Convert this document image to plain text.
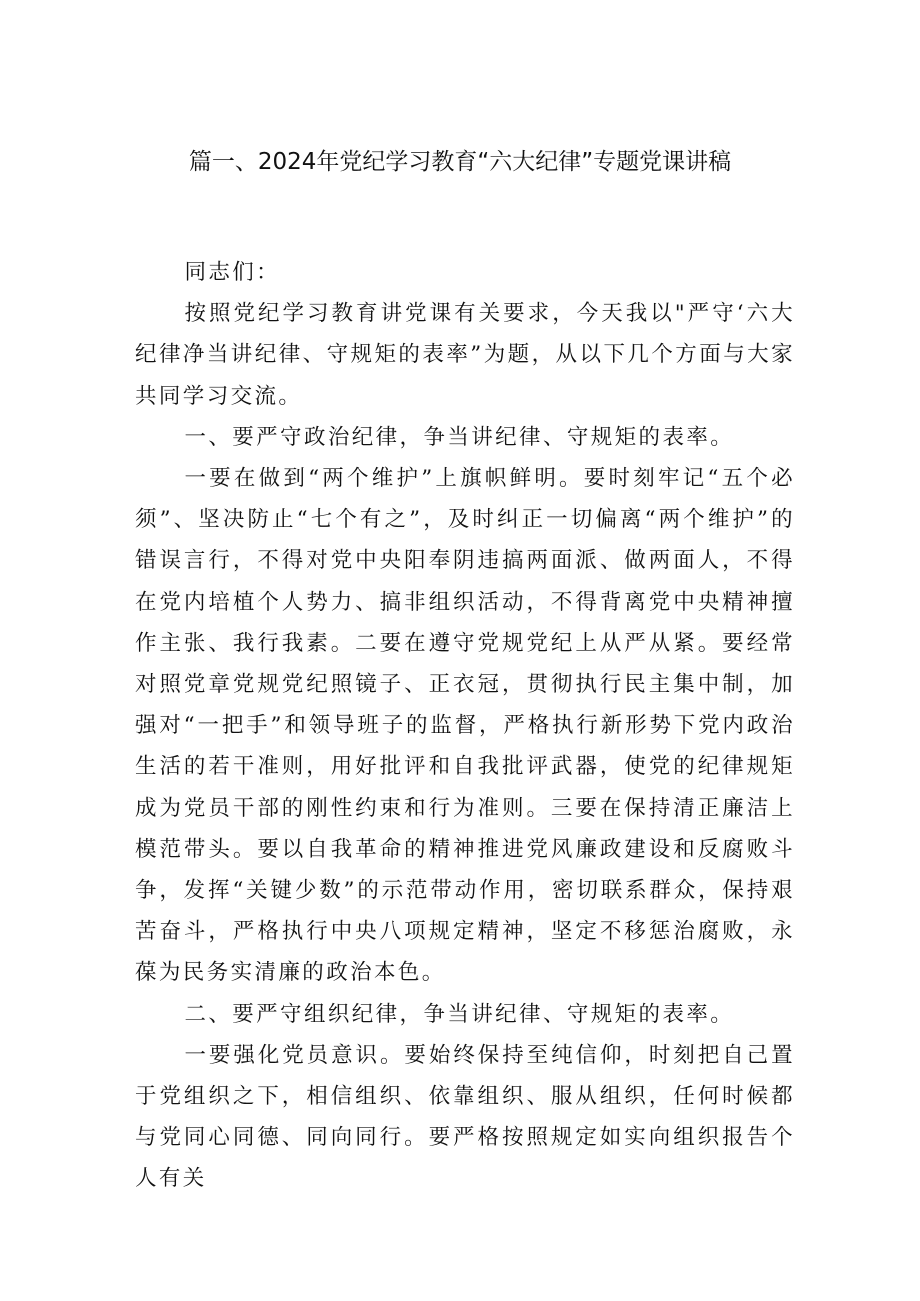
篇一、2024年党纪学习教育“六大纪律”专题党课讲稿

同志们：

按照党纪学习教育讲党课有关要求，今天我以"严守‘六大纪律净当讲纪律、守规矩的表率”为题，从以下几个方面与大家共同学习交流。

一、要严守政治纪律，争当讲纪律、守规矩的表率。

一要在做到“两个维护”上旗帜鲜明。要时刻牢记“五个必须”、坚决防止“七个有之”，及时纠正一切偏离“两个维护”的错误言行，不得对党中央阳奉阴违搞两面派、做两面人，不得在党内培植个人势力、搞非组织活动，不得背离党中央精神擅作主张、我行我素。二要在遵守党规党纪上从严从紧。要经常对照党章党规党纪照镜子、正衣冠，贯彻执行民主集中制，加强对“一把手”和领导班子的监督，严格执行新形势下党内政治生活的若干准则，用好批评和自我批评武器，使党的纪律规矩成为党员干部的刚性约束和行为准则。三要在保持清正廉洁上模范带头。要以自我革命的精神推进党风廉政建设和反腐败斗争，发挥“关键少数”的示范带动作用，密切联系群众，保持艰苦奋斗，严格执行中央八项规定精神，坚定不移惩治腐败，永葆为民务实清廉的政治本色。

二、要严守组织纪律，争当讲纪律、守规矩的表率。

一要强化党员意识。要始终保持至纯信仰，时刻把自己置于党组织之下，相信组织、依靠组织、服从组织，任何时候都与党同心同德、同向同行。要严格按照规定如实向组织报告个人有关
